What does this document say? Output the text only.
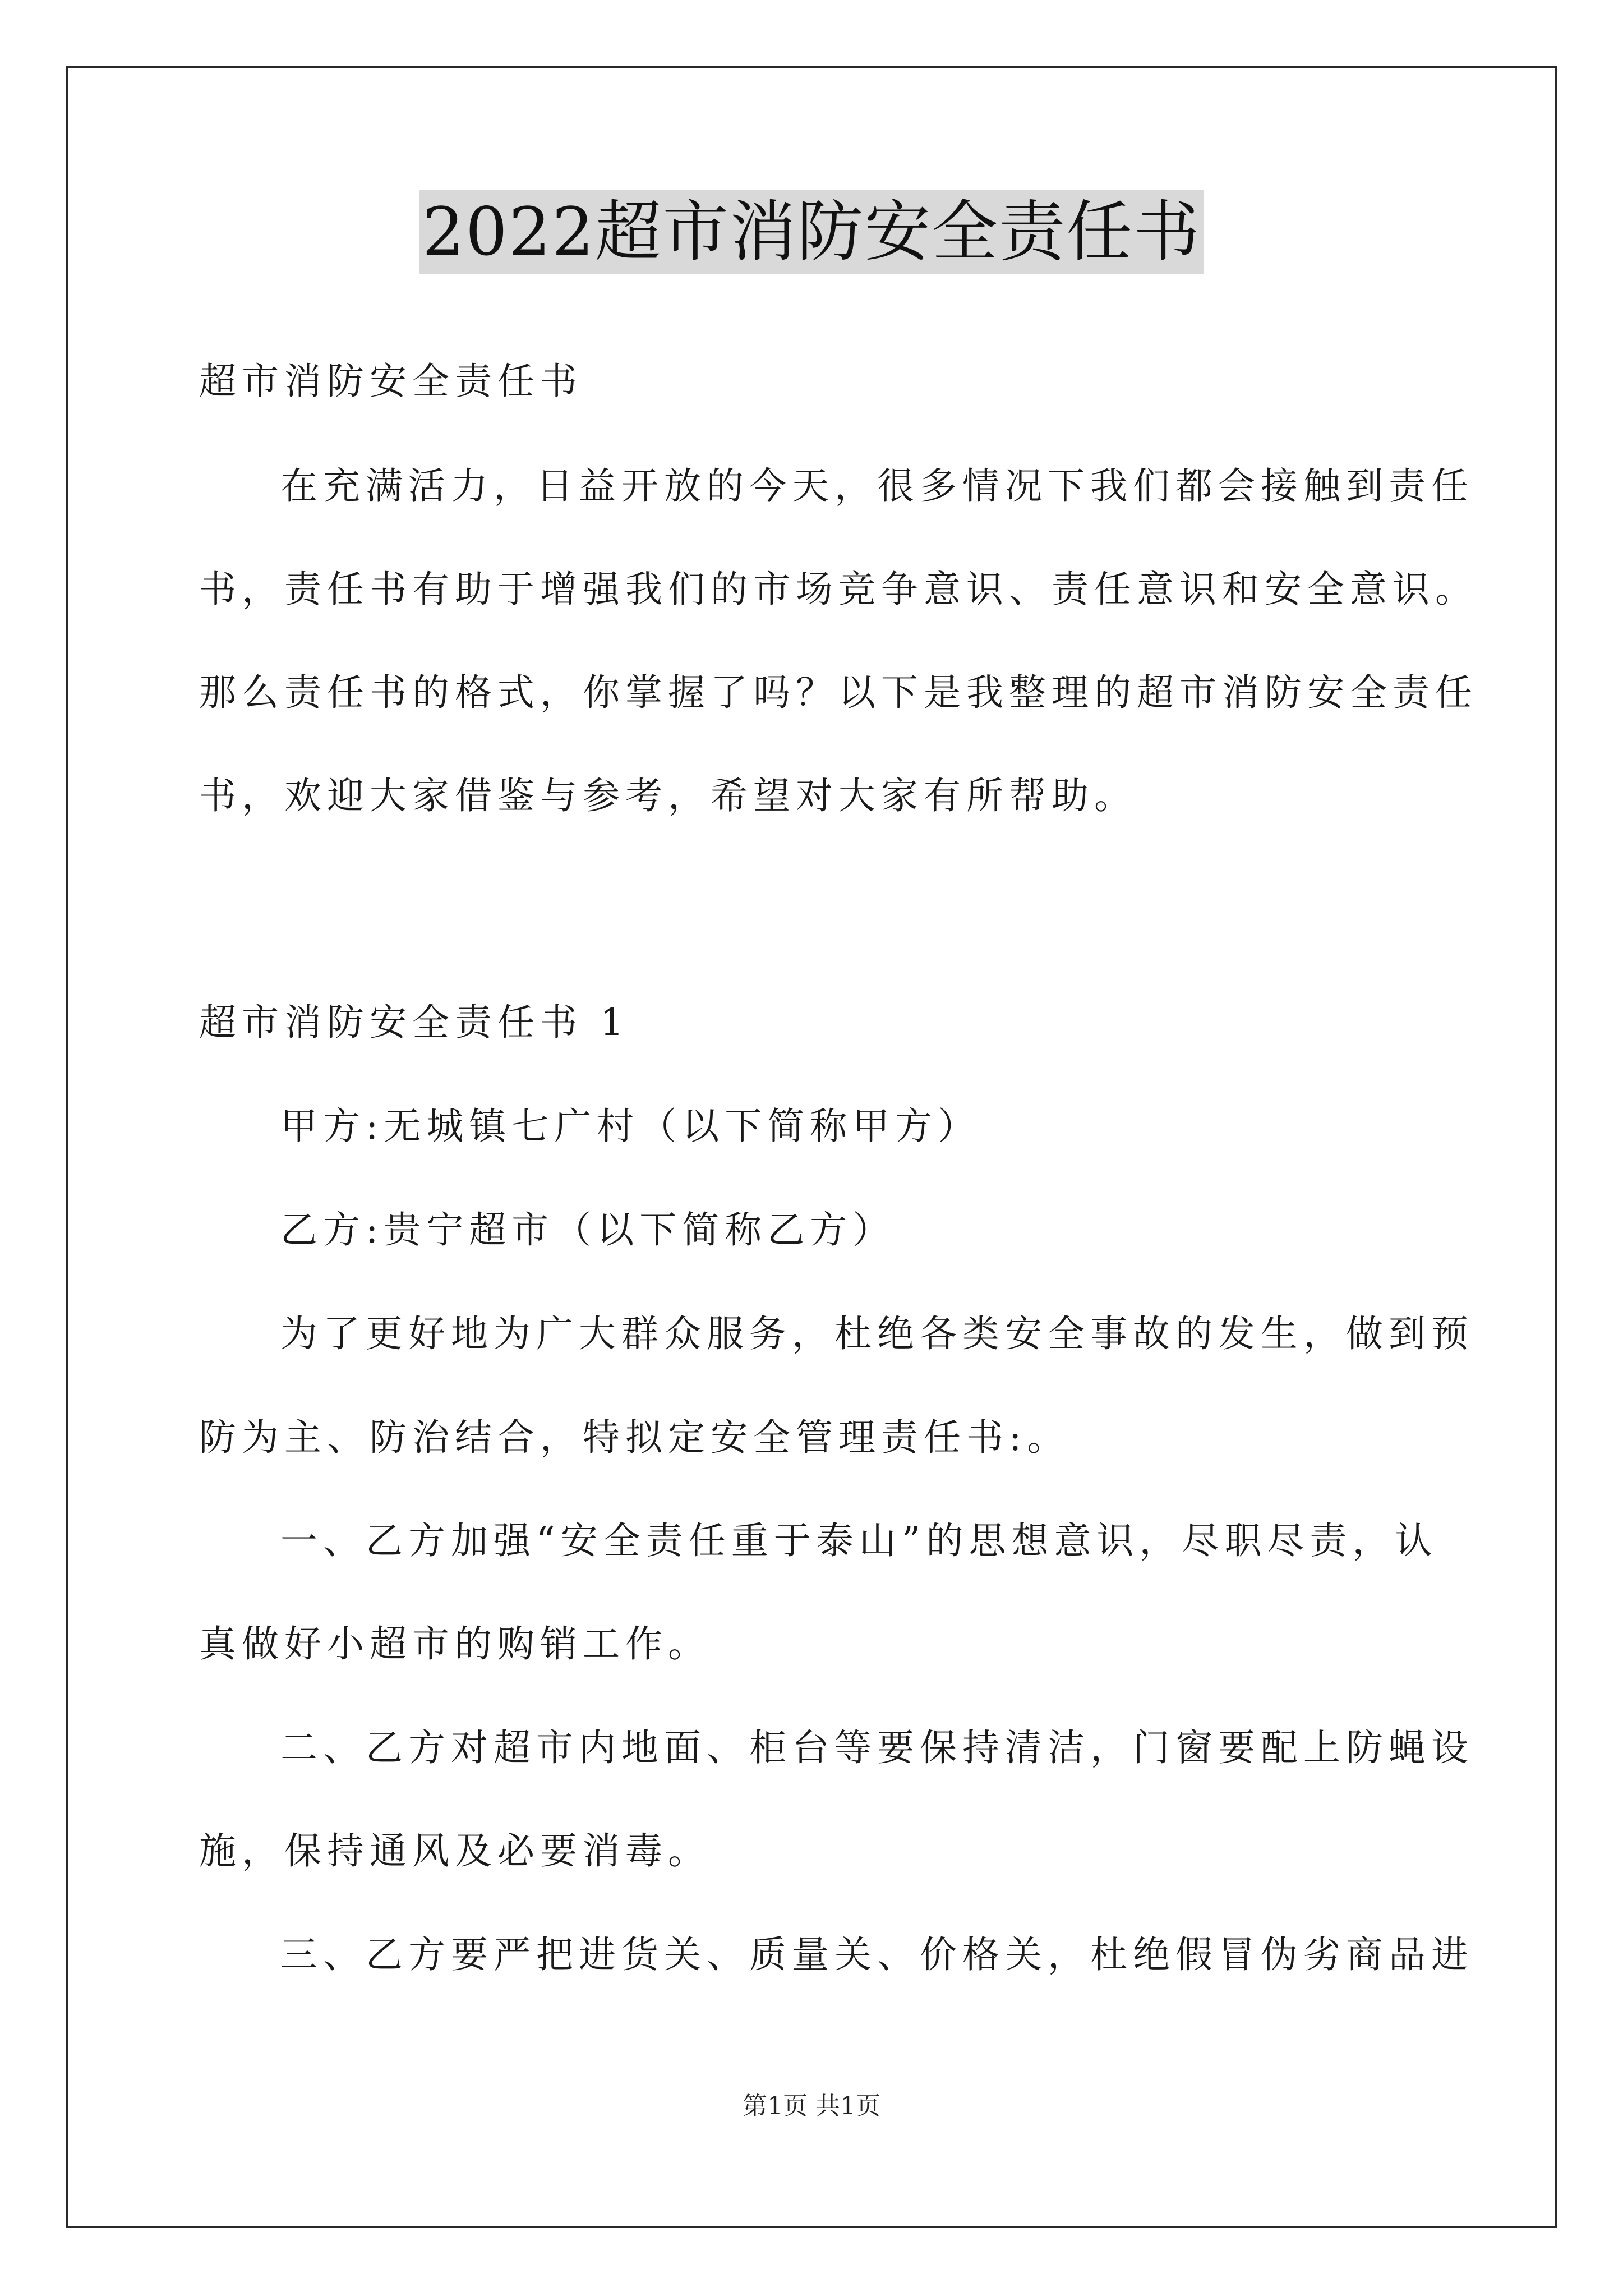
2022超市消防安全责任书
超市消防安全责任书
在充满活力，日益开放的今天，很多情况下我们都会接触到责任
书，责任书有助于增强我们的市场竞争意识、责任意识和安全意识。
那么责任书的格式，你掌握了吗？以下是我整理的超市消防安全责任
书，欢迎大家借鉴与参考，希望对大家有所帮助。
超市消防安全责任书 1
甲方:无城镇七广村（以下简称甲方）
乙方:贵宁超市（以下简称乙方）
为了更好地为广大群众服务，杜绝各类安全事故的发生，做到预
防为主、防治结合，特拟定安全管理责任书:。
一、乙方加强“安全责任重于泰山”的思想意识，尽职尽责，认
真做好小超市的购销工作。
二、乙方对超市内地面、柜台等要保持清洁，门窗要配上防蝇设
施，保持通风及必要消毒。
三、乙方要严把进货关、质量关、价格关，杜绝假冒伪劣商品进
第1页 共1页
